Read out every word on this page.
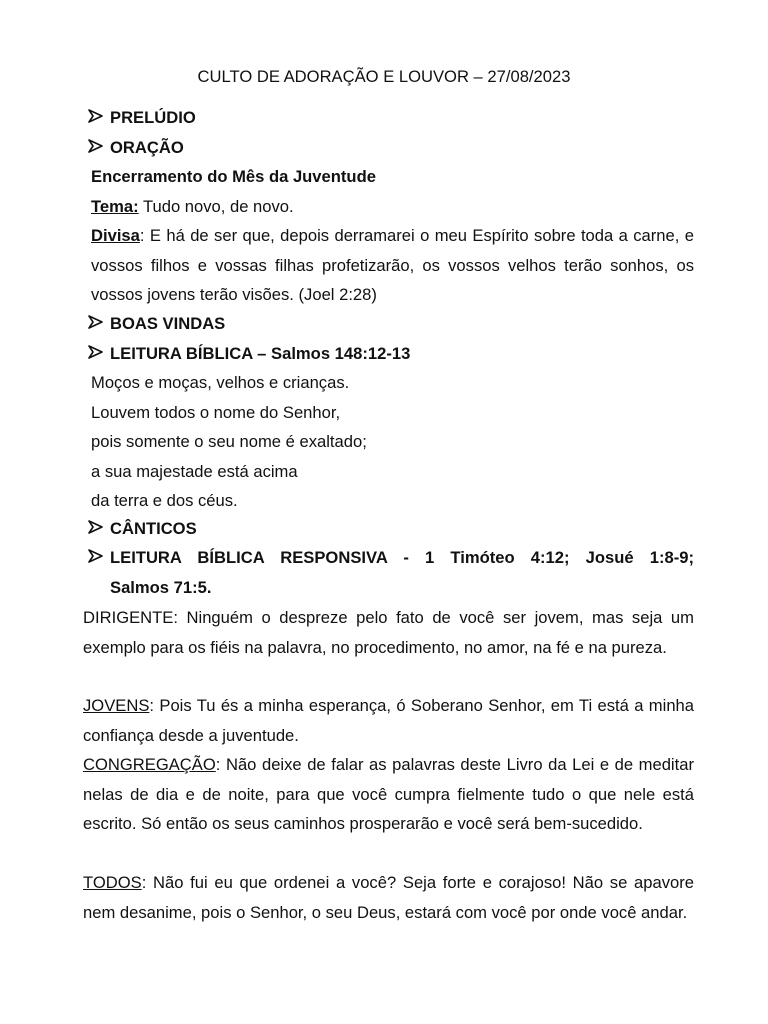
CULTO DE ADORAÇÃO E LOUVOR – 27/08/2023
PRELÚDIO
ORAÇÃO
Encerramento do Mês da Juventude
Tema: Tudo novo, de novo.
Divisa: E há de ser que, depois derramarei o meu Espírito sobre toda a carne, e vossos filhos e vossas filhas profetizarão, os vossos velhos terão sonhos, os vossos jovens terão visões. (Joel 2:28)
BOAS VINDAS
LEITURA BÍBLICA – Salmos 148:12-13
Moços e moças, velhos e crianças.
Louvem todos o nome do Senhor,
pois somente o seu nome é exaltado;
a sua majestade está acima
da terra e dos céus.
CÂNTICOS
LEITURA BÍBLICA RESPONSIVA - 1 Timóteo 4:12; Josué 1:8-9;
Salmos 71:5.
DIRIGENTE: Ninguém o despreze pelo fato de você ser jovem, mas seja um exemplo para os fiéis na palavra, no procedimento, no amor, na fé e na pureza.
JOVENS: Pois Tu és a minha esperança, ó Soberano Senhor, em Ti está a minha confiança desde a juventude.
CONGREGAÇÃO: Não deixe de falar as palavras deste Livro da Lei e de meditar nelas de dia e de noite, para que você cumpra fielmente tudo o que nele está escrito. Só então os seus caminhos prosperarão e você será bem-sucedido.
TODOS: Não fui eu que ordenei a você? Seja forte e corajoso! Não se apavore nem desanime, pois o Senhor, o seu Deus, estará com você por onde você andar.
